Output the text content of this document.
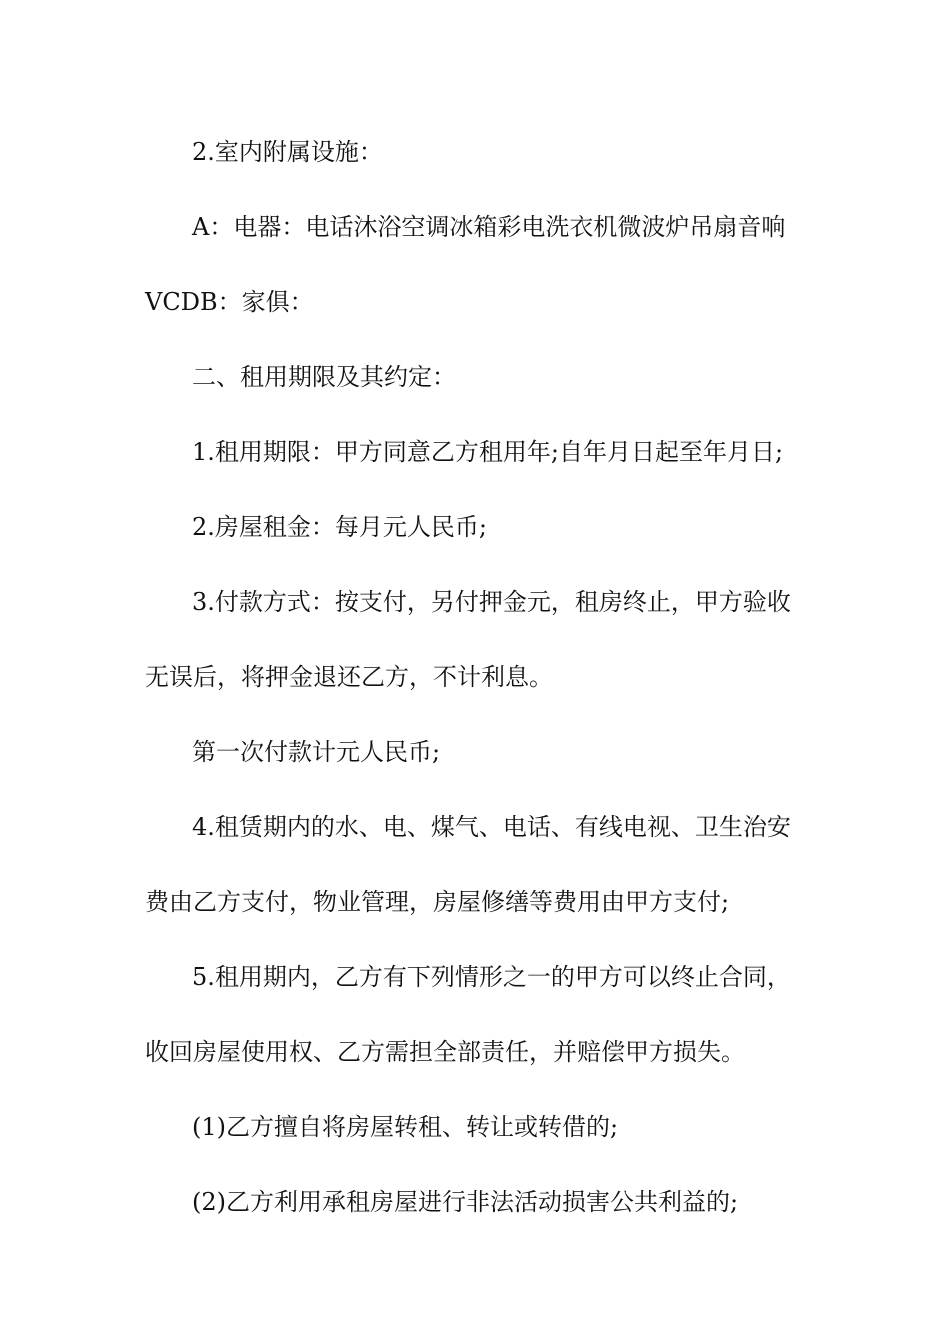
2.室内附属设施：
A：电器：电话沐浴空调冰箱彩电洗衣机微波炉吊扇音响
VCDB：家俱：
二、租用期限及其约定：
1.租用期限：甲方同意乙方租用年;自年月日起至年月日;
2.房屋租金：每月元人民币;
3.付款方式：按支付，另付押金元，租房终止，甲方验收
无误后，将押金退还乙方，不计利息。
第一次付款计元人民币;
4.租赁期内的水、电、煤气、电话、有线电视、卫生治安
费由乙方支付，物业管理，房屋修缮等费用由甲方支付;
5.租用期内，乙方有下列情形之一的甲方可以终止合同，
收回房屋使用权、乙方需担全部责任，并赔偿甲方损失。
(1)乙方擅自将房屋转租、转让或转借的;
(2)乙方利用承租房屋进行非法活动损害公共利益的;
